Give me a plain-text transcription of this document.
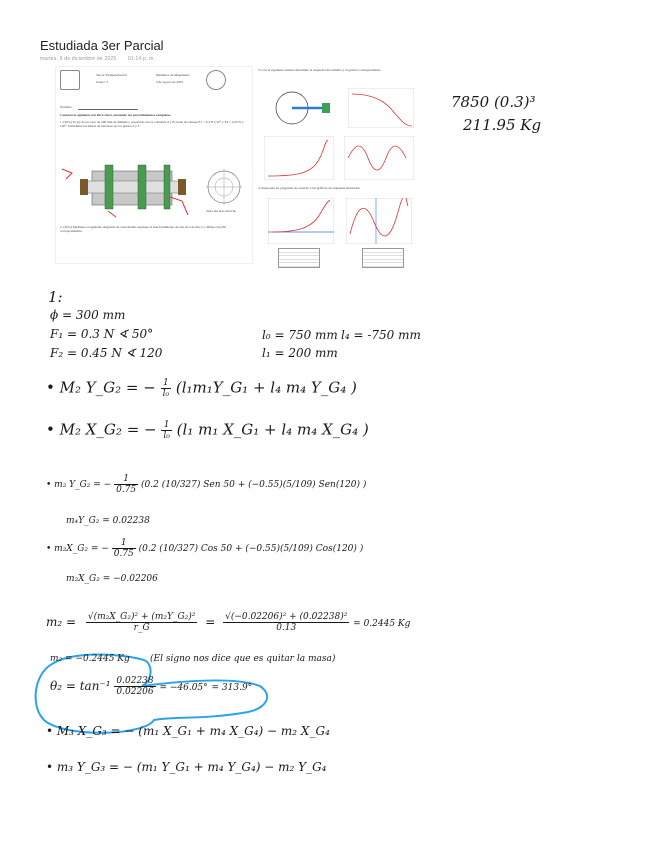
Estudiada 3er Parcial
martes, 9 de diciembre de 2025 01:14 p. m.
Tercer Examen Parcial	Dinámica de Maquinaria
Grupo: 5	4 de agosto de 2025
Nombre:
Contesta lo siguiente con letra clara, anotando tus procedimientos completos.
1. (30%) El eje de un rotor de 300 mm de diámetro, soportado en los cojinetes A y B, tiene dos masas F1 = 0.3 N a 50° y F2 = 0.45 N a 120°. Determine las masas de balanceo en los planos 2 y 3.
Vista del lado derecho
2. (30%) Mediante el siguiente diagrama de velocidades explique el funcionamiento de una leva de disco y dibuje el perfil correspondiente.
3. Con el siguiente sistema determine la respuesta del sistema y la gráfica correspondiente.
4. Responda las preguntas de acuerdo a las gráficas de respuesta mostradas.
7850 (0.3)³
211.95 Kg
1:
ϕ = 300 mm
F₁ = 0.3 N ∢ 50°
F₂ = 0.45 N ∢ 120
l₀ = 750 mm l₄ = -750 mm
l₁ = 200 mm
• M₂ Y_G₂ = − $\frac{1}{\text{l₀}}$ (l₁m₁Y_G₁ + l₄ m₄ Y_G₄ )
• M₂ X_G₂ = − $\frac{1}{\text{l₀}} (l_1$ m₁ X_G₁ + l₄ m₄ X_G₄ )
• m₂ Y_G₂ = − $\frac{1}{0.75} (0.2$ (10/327) Sen 50 + (−0.55)(5/109) Sen(120) )
m₄Y_G₂ = 0.02238
• m₂X_G₂ = − $\frac{1}{0.75} (0.2$ (10/327) Cos 50 + (−0.55)(5/109) Cos(120) )
m₂X_G₂ = −0.02206
$m_2 = \frac{\text{√(m₂X\_G₂)² + (m₂Y\_G₂)²}}{r\_G} = \frac{\text{√(−0.02206)² + (0.02238)²}}{0.13} = 0.2445$ Kg
m₂ = −0.2445 Kg (El signo nos dice que es quitar la masa)
$\theta_2 = \tan^{-1} \frac{0.02238}{0.02206} = -46.05^\circ = 313.9^\circ$
• M₃ X_G₃ = − (m₁ X_G₁ + m₄ X_G₄) − m₂ X_G₄
• m₃ Y_G₃ = − (m₁ Y_G₁ + m₄ Y_G₄) − m₂ Y_G₄
